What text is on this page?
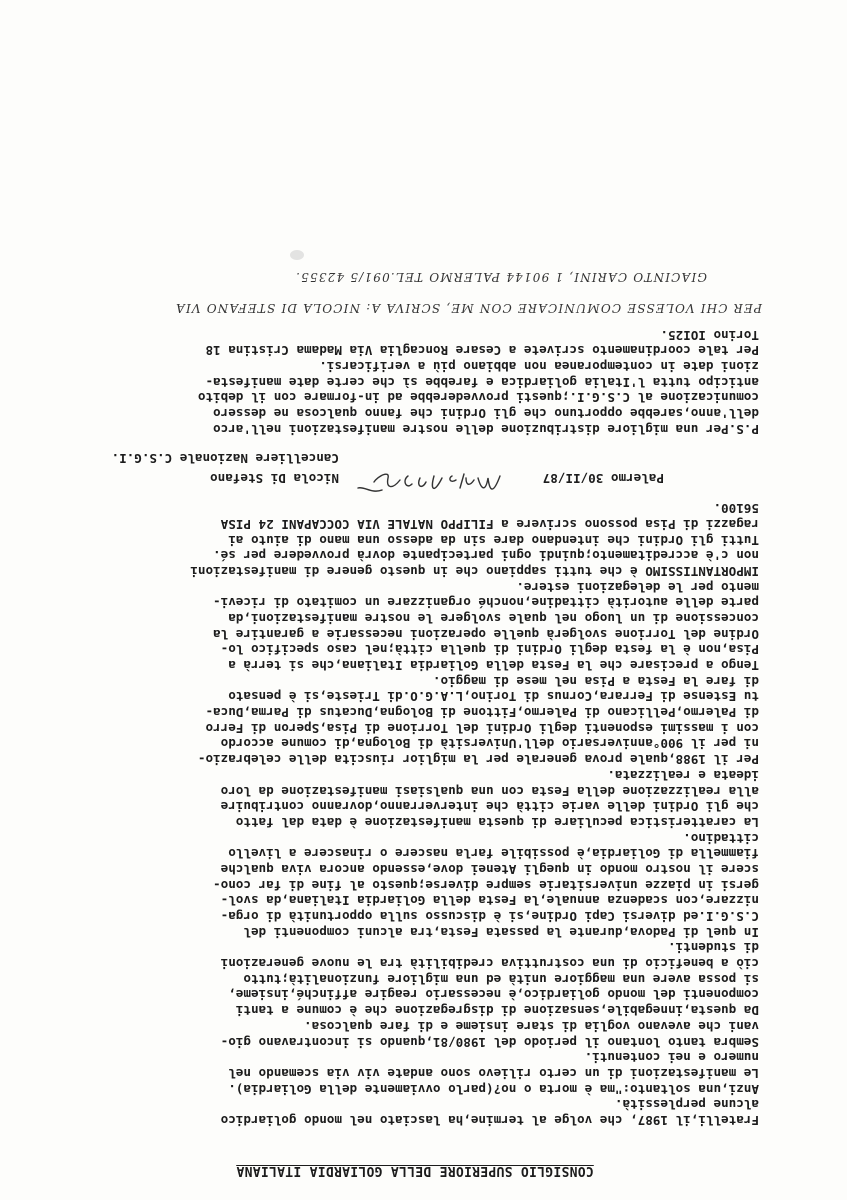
CONSIGLIO SUPERIORE DELLA GOLIARDIA ITALIANA
Fratelli,il 1987, che volge al termine,ha lasciato nel mondo goliardico
alcune perplessità.
Anzi,una soltanto:"ma è morta o no?(parlo ovviamente della Goliardia).
Le manifestazioni di un certo rilievo sono andate viv via scemando nel
numero e nei contenuti.
Sembra tanto lontano il periodo del 1980/81,quando si incontravano gio-
vani che avevano voglia di stare insieme e di fare qualcosa.
Da questa,innegabile,sensazione di disgregazione che è comune a tanti
componenti del mondo goliardico,è necessario reagire affinché,insieme,
si possa avere una maggiore unità ed una migliore funzionalità;tutto
ciò a beneficio di una costruttiva credibilità tra le nuove generazioni
di studenti.
In quel di Padova,durante la passata Festa,tra alcuni componenti del
C.S.G.I.ed diversi Capi Ordine,si è discusso sulla opportunità di orga-
nizzare,con scadenza annuale,la Festa della Goliardia Italiana,da svol-
gersi in piazze universitarie sempre diverse;questo al fine di far cono-
scere il nostro mondo in quegli Atenei dove,essendo ancora viva qualche
fiammella di Goliardia,è possibile farla nascere o rinascere a livello
cittadino.
La caratteristica peculiare di questa manifestazione è data dal fatto
che gli Ordini delle varie città che interverranno,dovranno contribuire
alla realizzazione della Festa con una qualsiasi manifestazione da loro
ideata e realizzata.
Per il 1988,quale prova generale per la miglior riuscita delle celebrazio-
ni per il 900°anniversario dell'Università di Bologna,di comune accordo
con i massimi esponenti degli Ordini del Torrione di Pisa,Speron di Ferro
di Palermo,Pellicano di Palermo,Fittone di Bologna,Ducatus di Parma,Duca-
tu Estense di Ferrara,Cornus di Torino,L.A.G.O.di Trieste,si è pensato
di fare la Festa a Pisa nel mese di maggio.
Tengo a precisare che la Festa della Goliardia Italiana,che si terrà a
Pisa,non è la festa degli Ordini di quella città;nel caso specifico lo-
Ordine del Torrione svolgerà quelle operazioni necessarie a garantire la
concessione di un luogo nel quale svolgere le nostre manifestazioni,da
parte delle autorità cittadine,nonché organizzare un comitato di ricevi-
mento per le delegazioni estere.
IMPORTANTISSIMO è che tutti sappiano che in questo genere di manifestazioni
non c'è accreditamento;quindi ogni partecipante dovrà provvedere per sé.
Tutti gli Ordini che intendano dare sin da adesso una mano di aiuto ai
ragazzi di Pisa possono scrivere a FILIPPO NATALE VIA COCCAPANI 24 PISA
56100.
Palermo 30/II/87
Nicola Di Stefano
Cancelliere Nazionale C.S.G.I.
P.S.Per una migliore distribuzione delle nostre manifestazioni nell'arco
dell'anno,sarebbe opportuno che gli Ordini che fanno qualcosa ne dessero
comunicazione al C.S.G.I.;questi provvederebbe ad in-formare con il debito
anticipo tutta l'Italia goliardica e farebbe sì che certe date manifesta-
zioni date in contemporanea non abbiano più a verificarsi.
Per tale coordinamento scrivete a Cesare Roncaglia Via Madama Cristina 18
Torino IOI25.
PER CHI VOLESSE COMUNICARE CON ME, SCRIVA A: NICOLA DI STEFANO VIA
GIACINTO CARINI, 1 90144 PALERMO TEL.091/5 42355.
